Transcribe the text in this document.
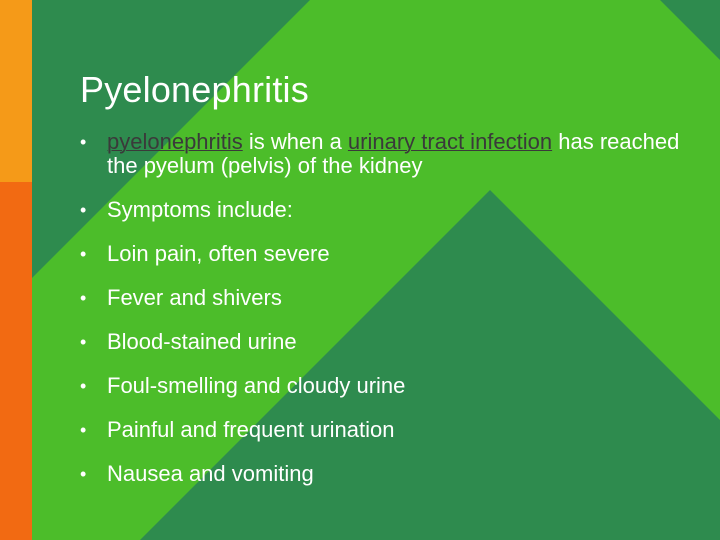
Pyelonephritis
• pyelonephritis is when a urinary tract infection has reached the pyelum (pelvis) of the kidney
• Symptoms include:
• Loin pain, often severe
• Fever and shivers
• Blood-stained urine
• Foul-smelling and cloudy urine
• Painful and frequent urination
• Nausea and vomiting
